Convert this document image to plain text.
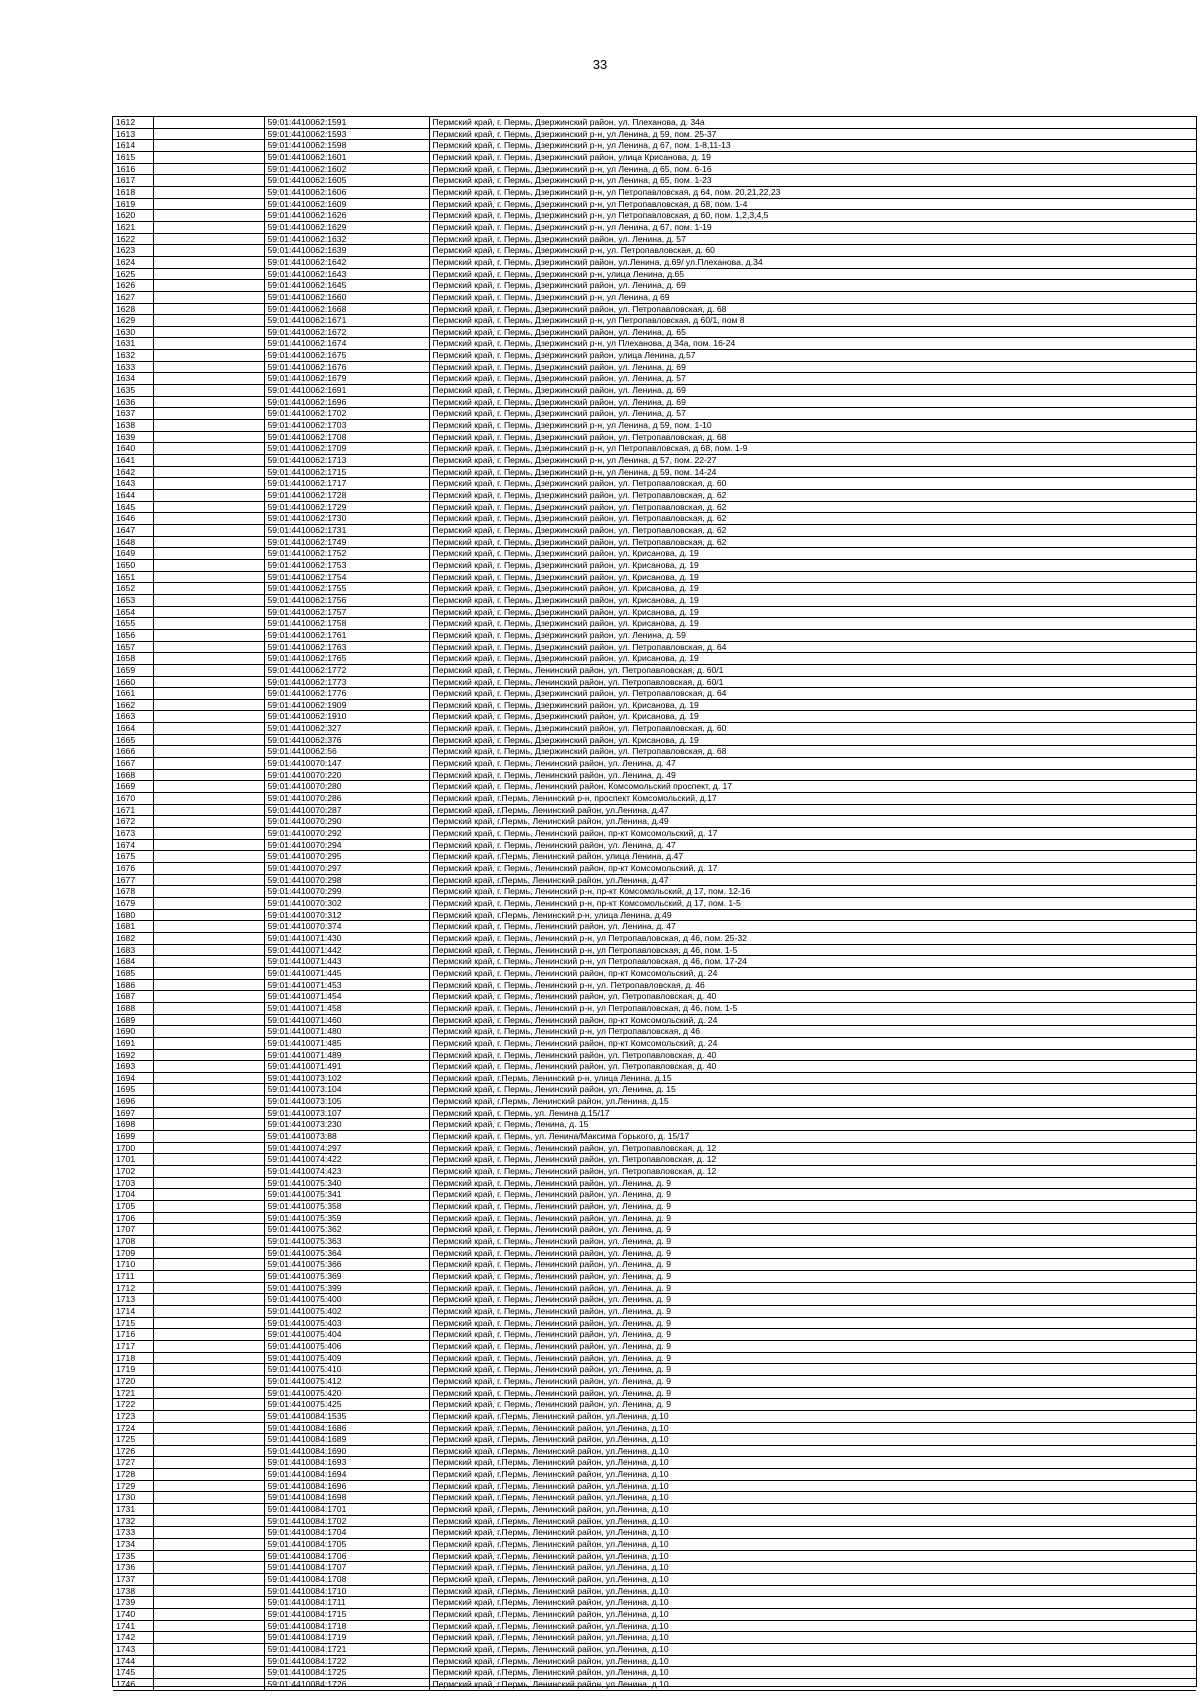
33
1612		59:01:4410062:1591	Пермский край, г. Пермь, Дзержинский район, ул. Плеханова, д. 34а
1613		59:01:4410062:1593	Пермский край, г. Пермь, Дзержинский р-н, ул Ленина, д 59, пом. 25-37
1614		59:01:4410062:1598	Пермский край, г. Пермь, Дзержинский р-н, ул Ленина, д 67, пом. 1-8,11-13
1615		59:01:4410062:1601	Пермский край, г. Пермь, Дзержинский район, улица Крисанова, д. 19
1616		59:01:4410062:1602	Пермский край, г. Пермь, Дзержинский р-н, ул Ленина, д 65, пом. 6-16
1617		59:01:4410062:1605	Пермский край, г. Пермь, Дзержинский р-н, ул Ленина, д 65, пом. 1-23
1618		59:01:4410062:1606	Пермский край, г. Пермь, Дзержинский р-н, ул Петропавловская, д 64, пом. 20,21,22,23
1619		59:01:4410062:1609	Пермский край, г. Пермь, Дзержинский р-н, ул Петропавловская, д 68, пом. 1-4
1620		59:01:4410062:1626	Пермский край, г. Пермь, Дзержинский р-н, ул Петропавловская, д 60, пом. 1,2,3,4,5
1621		59:01:4410062:1629	Пермский край, г. Пермь, Дзержинский р-н, ул Ленина, д 67, пом. 1-19
1622		59:01:4410062:1632	Пермский край, г. Пермь, Дзержинский район, ул. Ленина, д. 57
1623		59:01:4410062:1639	Пермский край, г. Пермь, Дзержинский р-н, ул. Петропавловская, д. 60
1624		59:01:4410062:1642	Пермский край, г. Пермь, Дзержинский район, ул.Ленина, д.69/ ул.Плеханова, д.34
1625		59:01:4410062:1643	Пермский край, г. Пермь, Дзержинский р-н, улица Ленина, д.65
1626		59:01:4410062:1645	Пермский край, г. Пермь, Дзержинский район, ул. Ленина, д. 69
1627		59:01:4410062:1660	Пермский край, г. Пермь, Дзержинский р-н, ул Ленина, д 69
1628		59:01:4410062:1668	Пермский край, г. Пермь, Дзержинский район, ул. Петропавловская, д. 68
1629		59:01:4410062:1671	Пермский край, г. Пермь, Дзержинский р-н, ул Петропавловская, д 60/1, пом 8
1630		59:01:4410062:1672	Пермский край, г. Пермь, Дзержинский район, ул. Ленина, д. 65
1631		59:01:4410062:1674	Пермский край, г. Пермь, Дзержинский р-н, ул Плеханова, д 34а, пом. 16-24
1632		59:01:4410062:1675	Пермский край, г. Пермь, Дзержинский район, улица Ленина, д.57
1633		59:01:4410062:1676	Пермский край, г. Пермь, Дзержинский район, ул. Ленина, д. 69
1634		59:01:4410062:1679	Пермский край, г. Пермь, Дзержинский район, ул. Ленина, д. 57
1635		59:01:4410062:1691	Пермский край, г. Пермь, Дзержинский район, ул. Ленина, д. 69
1636		59:01:4410062:1696	Пермский край, г. Пермь, Дзержинский район, ул. Ленина, д. 69
1637		59:01:4410062:1702	Пермский край, г. Пермь, Дзержинский район, ул. Ленина, д. 57
1638		59:01:4410062:1703	Пермский край, г. Пермь, Дзержинский р-н, ул Ленина, д 59, пом. 1-10
1639		59:01:4410062:1708	Пермский край, г. Пермь, Дзержинский район, ул. Петропавловская, д. 68
1640		59:01:4410062:1709	Пермский край, г. Пермь, Дзержинский р-н, ул Петропавловская, д 68, пом. 1-9
1641		59:01:4410062:1713	Пермский край, г. Пермь, Дзержинский р-н, ул Ленина, д 57, пом. 22-27
1642		59:01:4410062:1715	Пермский край, г. Пермь, Дзержинский р-н, ул Ленина, д 59, пом. 14-24
1643		59:01:4410062:1717	Пермский край, г. Пермь, Дзержинский район, ул. Петропавловская, д. 60
1644		59:01:4410062:1728	Пермский край, г. Пермь, Дзержинский район, ул. Петропавловская, д. 62
1645		59:01:4410062:1729	Пермский край, г. Пермь, Дзержинский район, ул. Петропавловская, д. 62
1646		59:01:4410062:1730	Пермский край, г. Пермь, Дзержинский район, ул. Петропавловская, д. 62
1647		59:01:4410062:1731	Пермский край, г. Пермь, Дзержинский район, ул. Петропавловская, д. 62
1648		59:01:4410062:1749	Пермский край, г. Пермь, Дзержинский район, ул. Петропавловская, д. 62
1649		59:01:4410062:1752	Пермский край, г. Пермь, Дзержинский район, ул. Крисанова, д. 19
1650		59:01:4410062:1753	Пермский край, г. Пермь, Дзержинский район, ул. Крисанова, д. 19
1651		59:01:4410062:1754	Пермский край, г. Пермь, Дзержинский район, ул. Крисанова, д. 19
1652		59:01:4410062:1755	Пермский край, г. Пермь, Дзержинский район, ул. Крисанова, д. 19
1653		59:01:4410062:1756	Пермский край, г. Пермь, Дзержинский район, ул. Крисанова, д. 19
1654		59:01:4410062:1757	Пермский край, г. Пермь, Дзержинский район, ул. Крисанова, д. 19
1655		59:01:4410062:1758	Пермский край, г. Пермь, Дзержинский район, ул. Крисанова, д. 19
1656		59:01:4410062:1761	Пермский край, г. Пермь, Дзержинский район, ул. Ленина, д. 59
1657		59:01:4410062:1763	Пермский край, г. Пермь, Дзержинский район, ул. Петропавловская, д. 64
1658		59:01:4410062:1765	Пермский край, г. Пермь, Дзержинский район, ул. Крисанова, д. 19
1659		59:01:4410062:1772	Пермский край, г. Пермь, Ленинский район, ул. Петропавловская, д. 60/1
1660		59:01:4410062:1773	Пермский край, г. Пермь, Ленинский район, ул. Петропавловская, д. 60/1
1661		59:01:4410062:1776	Пермский край, г. Пермь, Дзержинский район, ул. Петропавловская, д. 64
1662		59:01:4410062:1909	Пермский край, г. Пермь, Дзержинский район, ул. Крисанова, д. 19
1663		59:01:4410062:1910	Пермский край, г. Пермь, Дзержинский район, ул. Крисанова, д. 19
1664		59:01:4410062:327	Пермский край, г. Пермь, Дзержинский район, ул. Петропавловская, д. 60
1665		59:01:4410062:376	Пермский край, г. Пермь, Дзержинский район, ул. Крисанова, д. 19
1666		59:01:4410062:56	Пермский край, г. Пермь, Дзержинский район, ул. Петропавловская, д. 68
1667		59:01:4410070:147	Пермский край, г. Пермь, Ленинский район, ул. Ленина, д. 47
1668		59:01:4410070:220	Пермский край, г. Пермь, Ленинский район, ул. Ленина, д. 49
1669		59:01:4410070:280	Пермский край, г. Пермь, Ленинский район, Комсомольский проспект, д. 17
1670		59:01:4410070:286	Пермский край, г.Пермь, Ленинский р-н, проспект Комсомольский, д.17
1671		59:01:4410070:287	Пермский край, г.Пермь, Ленинский район, ул.Ленина, д.47
1672		59:01:4410070:290	Пермский край, г.Пермь, Ленинский район, ул.Ленина, д.49
1673		59:01:4410070:292	Пермский край, г. Пермь, Ленинский район, пр-кт Комсомольский, д. 17
1674		59:01:4410070:294	Пермский край, г. Пермь, Ленинский район, ул. Ленина, д. 47
1675		59:01:4410070:295	Пермский край, г.Пермь, Ленинский район, улица Ленина, д.47
1676		59:01:4410070:297	Пермский край, г. Пермь, Ленинский район, пр-кт Комсомольский, д. 17
1677		59:01:4410070:298	Пермский край, г.Пермь, Ленинский район, ул.Ленина, д.47
1678		59:01:4410070:299	Пермский край, г. Пермь, Ленинский р-н, пр-кт Комсомольский, д 17, пом. 12-16
1679		59:01:4410070:302	Пермский край, г. Пермь, Ленинский р-н, пр-кт Комсомольский, д 17, пом. 1-5
1680		59:01:4410070:312	Пермский край, г.Пермь, Ленинский р-н, улица Ленина, д.49
1681		59:01:4410070:374	Пермский край, г. Пермь, Ленинский район, ул. Ленина, д. 47
1682		59:01:4410071:430	Пермский край, г. Пермь, Ленинский р-н, ул Петропавловская, д 46, пом. 25-32
1683		59:01:4410071:442	Пермский край, г. Пермь, Ленинский р-н, ул Петропавловская, д 46, пом. 1-5
1684		59:01:4410071:443	Пермский край, г. Пермь, Ленинский р-н, ул Петропавловская, д 46, пом. 17-24
1685		59:01:4410071:445	Пермский край, г. Пермь, Ленинский район, пр-кт Комсомольский, д. 24
1686		59:01:4410071:453	Пермский край, г. Пермь, Ленинский р-н, ул. Петропавловская, д. 46
1687		59:01:4410071:454	Пермский край, г. Пермь, Ленинский район, ул. Петропавловская, д. 40
1688		59:01:4410071:458	Пермский край, г. Пермь, Ленинский р-н, ул Петропавловская, д 46, пом. 1-5
1689		59:01:4410071:460	Пермский край, г. Пермь, Ленинский район, пр-кт Комсомольский, д. 24
1690		59:01:4410071:480	Пермский край, г. Пермь, Ленинский р-н, ул Петропавловская, д 46
1691		59:01:4410071:485	Пермский край, г. Пермь, Ленинский район, пр-кт Комсомольский, д. 24
1692		59:01:4410071:489	Пермский край, г. Пермь, Ленинский район, ул. Петропавловская, д. 40
1693		59:01:4410071:491	Пермский край, г. Пермь, Ленинский район, ул. Петропавловская, д. 40
1694		59:01:4410073:102	Пермский край, г.Пермь, Ленинский р-н, улица Ленина, д.15
1695		59:01:4410073:104	Пермский край, г. Пермь, Ленинский район, ул. Ленина, д. 15
1696		59:01:4410073:105	Пермский край, г.Пермь, Ленинский район, ул.Ленина, д.15
1697		59:01:4410073:107	Пермский край, г. Пермь, ул. Ленина д.15/17
1698		59:01:4410073:230	Пермский край, г. Пермь, Ленина, д. 15
1699		59:01:4410073:88	Пермский край, г. Пермь, ул. Ленина/Максима Горького, д. 15/17
1700		59:01:4410074:297	Пермский край, г. Пермь, Ленинский район, ул. Петропавловская, д. 12
1701		59:01:4410074:422	Пермский край, г. Пермь, Ленинский район, ул. Петропавловская, д. 12
1702		59:01:4410074:423	Пермский край, г. Пермь, Ленинский район, ул. Петропавловская, д. 12
1703		59:01:4410075:340	Пермский край, г. Пермь, Ленинский район, ул. Ленина, д. 9
1704		59:01:4410075:341	Пермский край, г. Пермь, Ленинский район, ул. Ленина, д. 9
1705		59:01:4410075:358	Пермский край, г. Пермь, Ленинский район, ул. Ленина, д. 9
1706		59:01:4410075:359	Пермский край, г. Пермь, Ленинский район, ул. Ленина, д. 9
1707		59:01:4410075:362	Пермский край, г. Пермь, Ленинский район, ул. Ленина, д. 9
1708		59:01:4410075:363	Пермский край, г. Пермь, Ленинский район, ул. Ленина, д. 9
1709		59:01:4410075:364	Пермский край, г. Пермь, Ленинский район, ул. Ленина, д. 9
1710		59:01:4410075:366	Пермский край, г. Пермь, Ленинский район, ул. Ленина, д. 9
1711		59:01:4410075:369	Пермский край, г. Пермь, Ленинский район, ул. Ленина, д. 9
1712		59:01:4410075:399	Пермский край, г. Пермь, Ленинский район, ул. Ленина, д. 9
1713		59:01:4410075:400	Пермский край, г. Пермь, Ленинский район, ул. Ленина, д. 9
1714		59:01:4410075:402	Пермский край, г. Пермь, Ленинский район, ул. Ленина, д. 9
1715		59:01:4410075:403	Пермский край, г. Пермь, Ленинский район, ул. Ленина, д. 9
1716		59:01:4410075:404	Пермский край, г. Пермь, Ленинский район, ул. Ленина, д. 9
1717		59:01:4410075:406	Пермский край, г. Пермь, Ленинский район, ул. Ленина, д. 9
1718		59:01:4410075:409	Пермский край, г. Пермь, Ленинский район, ул. Ленина, д. 9
1719		59:01:4410075:410	Пермский край, г. Пермь, Ленинский район, ул. Ленина, д. 9
1720		59:01:4410075:412	Пермский край, г. Пермь, Ленинский район, ул. Ленина, д. 9
1721		59:01:4410075:420	Пермский край, г. Пермь, Ленинский район, ул. Ленина, д. 9
1722		59:01:4410075:425	Пермский край, г. Пермь, Ленинский район, ул. Ленина, д. 9
1723		59:01:4410084:1535	Пермский край, г.Пермь, Ленинский район, ул.Ленина, д.10
1724		59:01:4410084:1686	Пермский край, г.Пермь, Ленинский район, ул.Ленина, д.10
1725		59:01:4410084:1689	Пермский край, г.Пермь, Ленинский район, ул.Ленина, д.10
1726		59:01:4410084:1690	Пермский край, г.Пермь, Ленинский район, ул.Ленина, д.10
1727		59:01:4410084:1693	Пермский край, г.Пермь, Ленинский район, ул.Ленина, д.10
1728		59:01:4410084:1694	Пермский край, г.Пермь, Ленинский район, ул.Ленина, д.10
1729		59:01:4410084:1696	Пермский край, г.Пермь, Ленинский район, ул.Ленина, д.10
1730		59:01:4410084:1698	Пермский край, г.Пермь, Ленинский район, ул.Ленина, д.10
1731		59:01:4410084:1701	Пермский край, г.Пермь, Ленинский район, ул.Ленина, д.10
1732		59:01:4410084:1702	Пермский край, г.Пермь, Ленинский район, ул.Ленина, д.10
1733		59:01:4410084:1704	Пермский край, г.Пермь, Ленинский район, ул.Ленина, д.10
1734		59:01:4410084:1705	Пермский край, г.Пермь, Ленинский район, ул.Ленина, д.10
1735		59:01:4410084:1706	Пермский край, г.Пермь, Ленинский район, ул.Ленина, д.10
1736		59:01:4410084:1707	Пермский край, г.Пермь, Ленинский район, ул.Ленина, д.10
1737		59:01:4410084:1708	Пермский край, г.Пермь, Ленинский район, ул.Ленина, д.10
1738		59:01:4410084:1710	Пермский край, г.Пермь, Ленинский район, ул.Ленина, д.10
1739		59:01:4410084:1711	Пермский край, г.Пермь, Ленинский район, ул.Ленина, д.10
1740		59:01:4410084:1715	Пермский край, г.Пермь, Ленинский район, ул.Ленина, д.10
1741		59:01:4410084:1718	Пермский край, г.Пермь, Ленинский район, ул.Ленина, д.10
1742		59:01:4410084:1719	Пермский край, г.Пермь, Ленинский район, ул.Ленина, д.10
1743		59:01:4410084:1721	Пермский край, г.Пермь, Ленинский район, ул.Ленина, д.10
1744		59:01:4410084:1722	Пермский край, г.Пермь, Ленинский район, ул.Ленина, д.10
1745		59:01:4410084:1725	Пермский край, г.Пермь, Ленинский район, ул.Ленина, д.10
1746		59:01:4410084:1726	Пермский край, г.Пермь, Ленинский район, ул.Ленина, д.10
